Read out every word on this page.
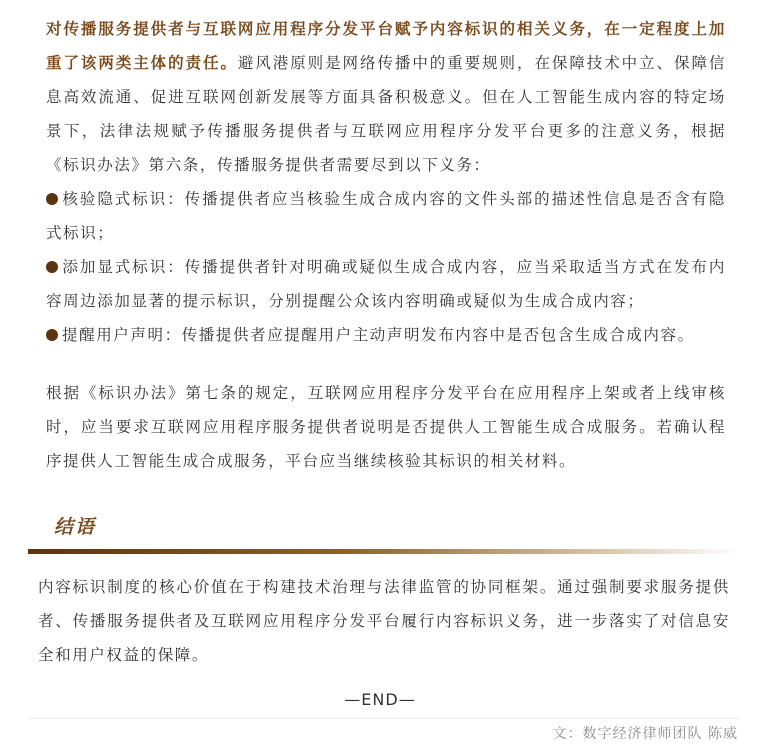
对传播服务提供者与互联网应用程序分发平台赋予内容标识的相关义务，在一定程度上加重了该两类主体的责任。避风港原则是网络传播中的重要规则，在保障技术中立、保障信息高效流通、促进互联网创新发展等方面具备积极意义。但在人工智能生成内容的特定场景下，法律法规赋予传播服务提供者与互联网应用程序分发平台更多的注意义务，根据《标识办法》第六条，传播服务提供者需要尽到以下义务：

核验隐式标识：传播提供者应当核验生成合成内容的文件头部的描述性信息是否含有隐式标识；
添加显式标识：传播提供者针对明确或疑似生成合成内容，应当采取适当方式在发布内容周边添加显著的提示标识，分别提醒公众该内容明确或疑似为生成合成内容；
提醒用户声明：传播提供者应提醒用户主动声明发布内容中是否包含生成合成内容。

根据《标识办法》第七条的规定，互联网应用程序分发平台在应用程序上架或者上线审核时，应当要求互联网应用程序服务提供者说明是否提供人工智能生成合成服务。若确认程序提供人工智能生成合成服务，平台应当继续核验其标识的相关材料。

结语

内容标识制度的核心价值在于构建技术治理与法律监管的协同框架。通过强制要求服务提供者、传播服务提供者及互联网应用程序分发平台履行内容标识义务，进一步落实了对信息安全和用户权益的保障。

—END—
文：数字经济律师团队 陈威
